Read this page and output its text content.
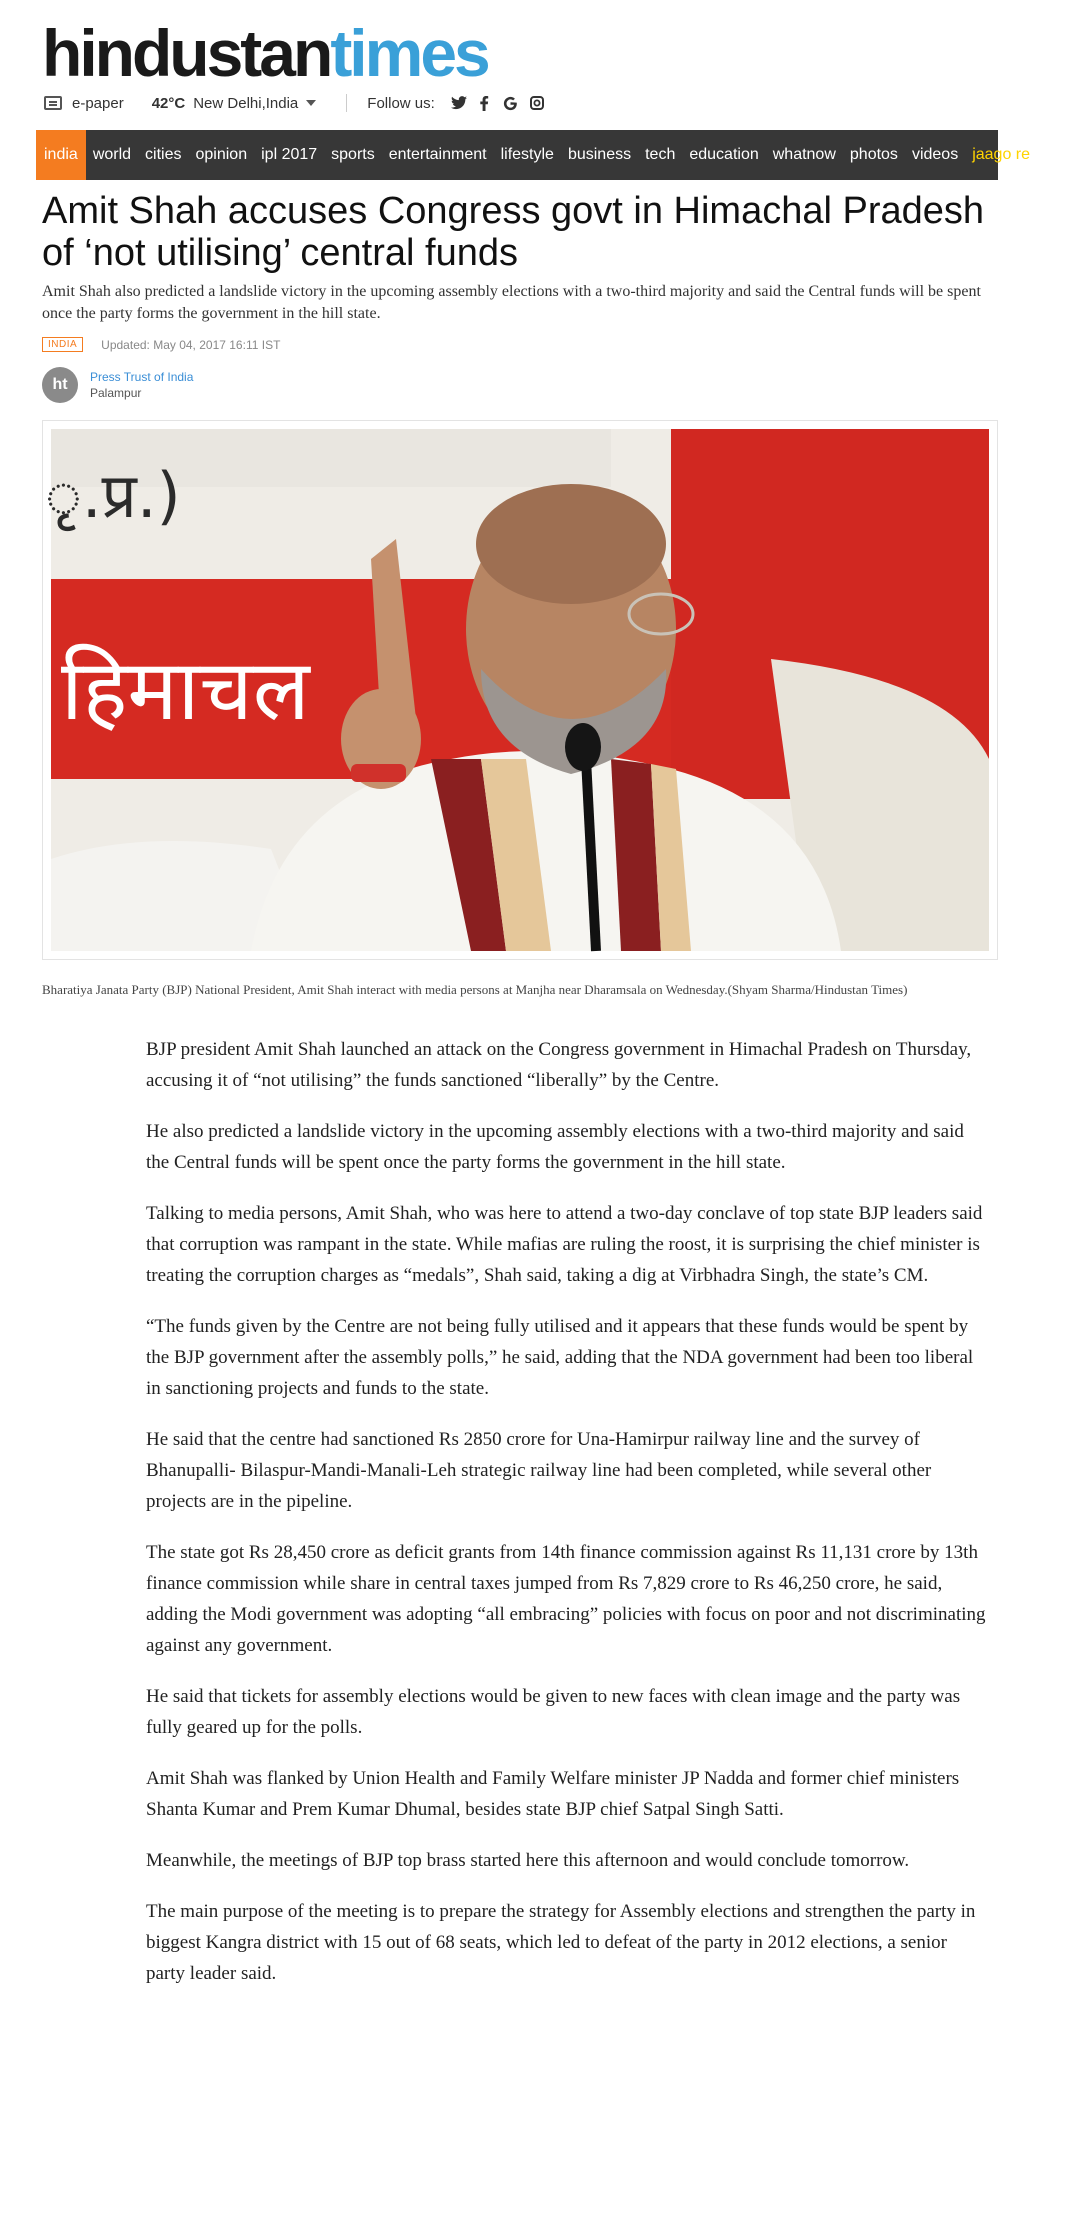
hindustantimes
e-paper 42°C New Delhi,India	Follow us:
india world cities opinion ipl 2017 sports entertainment lifestyle business tech education whatnow photos videos jaago re •••
Amit Shah accuses Congress govt in Himachal Pradesh of ‘not utilising’ central funds

Amit Shah also predicted a landslide victory in the upcoming assembly elections with a two-third majority and said the Central funds will be spent once the party forms the government in the hill state.

INDIA	Updated: May 04, 2017 16:11 IST
ht	Press Trust of India
Palampur
ृ.प्र.)
हिमाचल

Bharatiya Janata Party (BJP) National President, Amit Shah interact with media persons at Manjha near Dharamsala on Wednesday.(Shyam Sharma/Hindustan Times)

BJP president Amit Shah launched an attack on the Congress government in Himachal Pradesh on Thursday, accusing it of “not utilising” the funds sanctioned “liberally” by the Centre.

He also predicted a landslide victory in the upcoming assembly elections with a two-third majority and said the Central funds will be spent once the party forms the government in the hill state.

Talking to media persons, Amit Shah, who was here to attend a two-day conclave of top state BJP leaders said that corruption was rampant in the state. While mafias are ruling the roost, it is surprising the chief minister is treating the corruption charges as “medals”, Shah said, taking a dig at Virbhadra Singh, the state’s CM.

“The funds given by the Centre are not being fully utilised and it appears that these funds would be spent by the BJP government after the assembly polls,” he said, adding that the NDA government had been too liberal in sanctioning projects and funds to the state.

He said that the centre had sanctioned Rs 2850 crore for Una-Hamirpur railway line and the survey of Bhanupalli- Bilaspur-Mandi-Manali-Leh strategic railway line had been completed, while several other projects are in the pipeline.

The state got Rs 28,450 crore as deficit grants from 14th finance commission against Rs 11,131 crore by 13th finance commission while share in central taxes jumped from Rs 7,829 crore to Rs 46,250 crore, he said, adding the Modi government was adopting “all embracing” policies with focus on poor and not discriminating against any government.

He said that tickets for assembly elections would be given to new faces with clean image and the party was fully geared up for the polls.

Amit Shah was flanked by Union Health and Family Welfare minister JP Nadda and former chief ministers Shanta Kumar and Prem Kumar Dhumal, besides state BJP chief Satpal Singh Satti.

Meanwhile, the meetings of BJP top brass started here this afternoon and would conclude tomorrow.

The main purpose of the meeting is to prepare the strategy for Assembly elections and strengthen the party in biggest Kangra district with 15 out of 68 seats, which led to defeat of the party in 2012 elections, a senior party leader said.
